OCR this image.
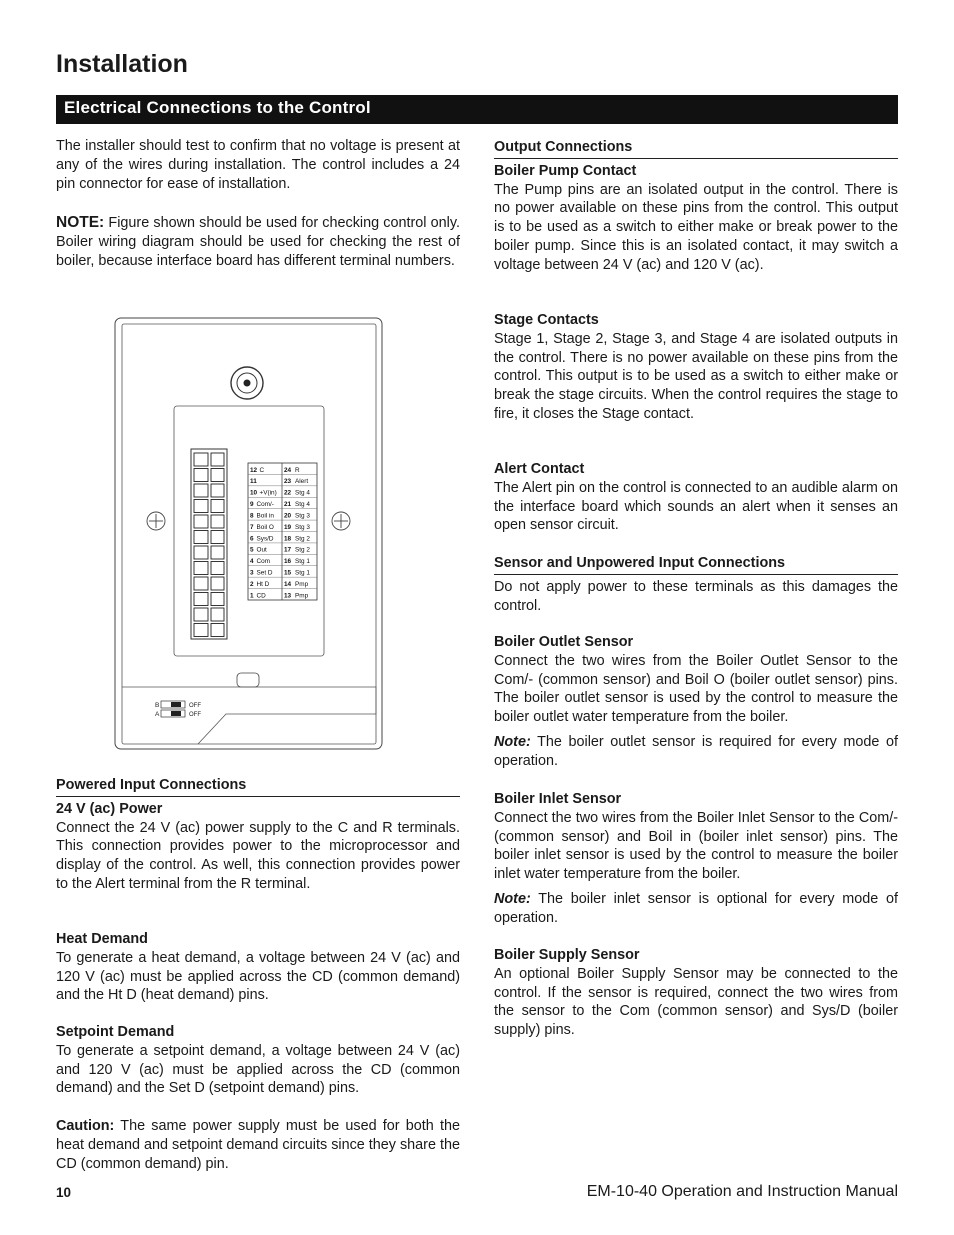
Installation
Electrical Connections to the Control

The installer should test to confirm that no voltage is present at any of the wires during installation. The control includes a 24 pin connector for ease of installation.

NOTE: Figure shown should be used for checking control only. Boiler wiring diagram should be used for checking the rest of boiler, because interface board has different terminal numbers.

12 C	24 R
11	23 Alert
10 +V(in) 22 Stg 4
9 Com/- 21 Stg 4
8 Boil in 20 Stg 3
7 Boil O 19 Stg 3
6 Sys/D 18 Stg 2
5 Out	17 Stg 2
4 Com 16 Stg 1
3 Set D 15 Stg 1
2 Ht D 14 Pmp
1 CD	13 Pmp
B	OFF
A	OFF
Powered Input Connections
24 V (ac) Power

Connect the 24 V (ac) power supply to the C and R terminals. This connection provides power to the microprocessor and display of the control. As well, this connection provides power to the Alert terminal from the R terminal.

Heat Demand

To generate a heat demand, a voltage between 24 V (ac) and 120 V (ac) must be applied across the CD (common demand) and the Ht D (heat demand) pins.

Setpoint Demand

To generate a setpoint demand, a voltage between 24 V (ac) and 120 V (ac) must be applied across the CD (common demand) and the Set D (setpoint demand) pins.

Caution: The same power supply must be used for both the heat demand and setpoint demand circuits since they share the CD (common demand) pin.

Output Connections
Boiler Pump Contact

The Pump pins are an isolated output in the control. There is no power available on these pins from the control. This output is to be used as a switch to either make or break power to the boiler pump. Since this is an isolated contact, it may switch a voltage between 24 V (ac) and 120 V (ac).

Stage Contacts

Stage 1, Stage 2, Stage 3, and Stage 4 are isolated outputs in the control. There is no power available on these pins from the control. This output is to be used as a switch to either make or break the stage circuits. When the control requires the stage to fire, it closes the Stage contact.

Alert Contact

The Alert pin on the control is connected to an audible alarm on the interface board which sounds an alert when it senses an open sensor circuit.

Sensor and Unpowered Input Connections

Do not apply power to these terminals as this damages the control.

Boiler Outlet Sensor

Connect the two wires from the Boiler Outlet Sensor to the Com/- (common sensor) and Boil O (boiler outlet sensor) pins. The boiler outlet sensor is used by the control to measure the boiler outlet water temperature from the boiler.

Note: The boiler outlet sensor is required for every mode of operation.

Boiler Inlet Sensor

Connect the two wires from the Boiler Inlet Sensor to the Com/- (common sensor) and Boil in (boiler inlet sensor) pins. The boiler inlet sensor is used by the control to measure the boiler inlet water temperature from the boiler.

Note: The boiler inlet sensor is optional for every mode of operation.

Boiler Supply Sensor

An optional Boiler Supply Sensor may be connected to the control. If the sensor is required, connect the two wires from the sensor to the Com (common sensor) and Sys/D (boiler supply) pins.

10	EM-10-40 Operation and Instruction Manual
